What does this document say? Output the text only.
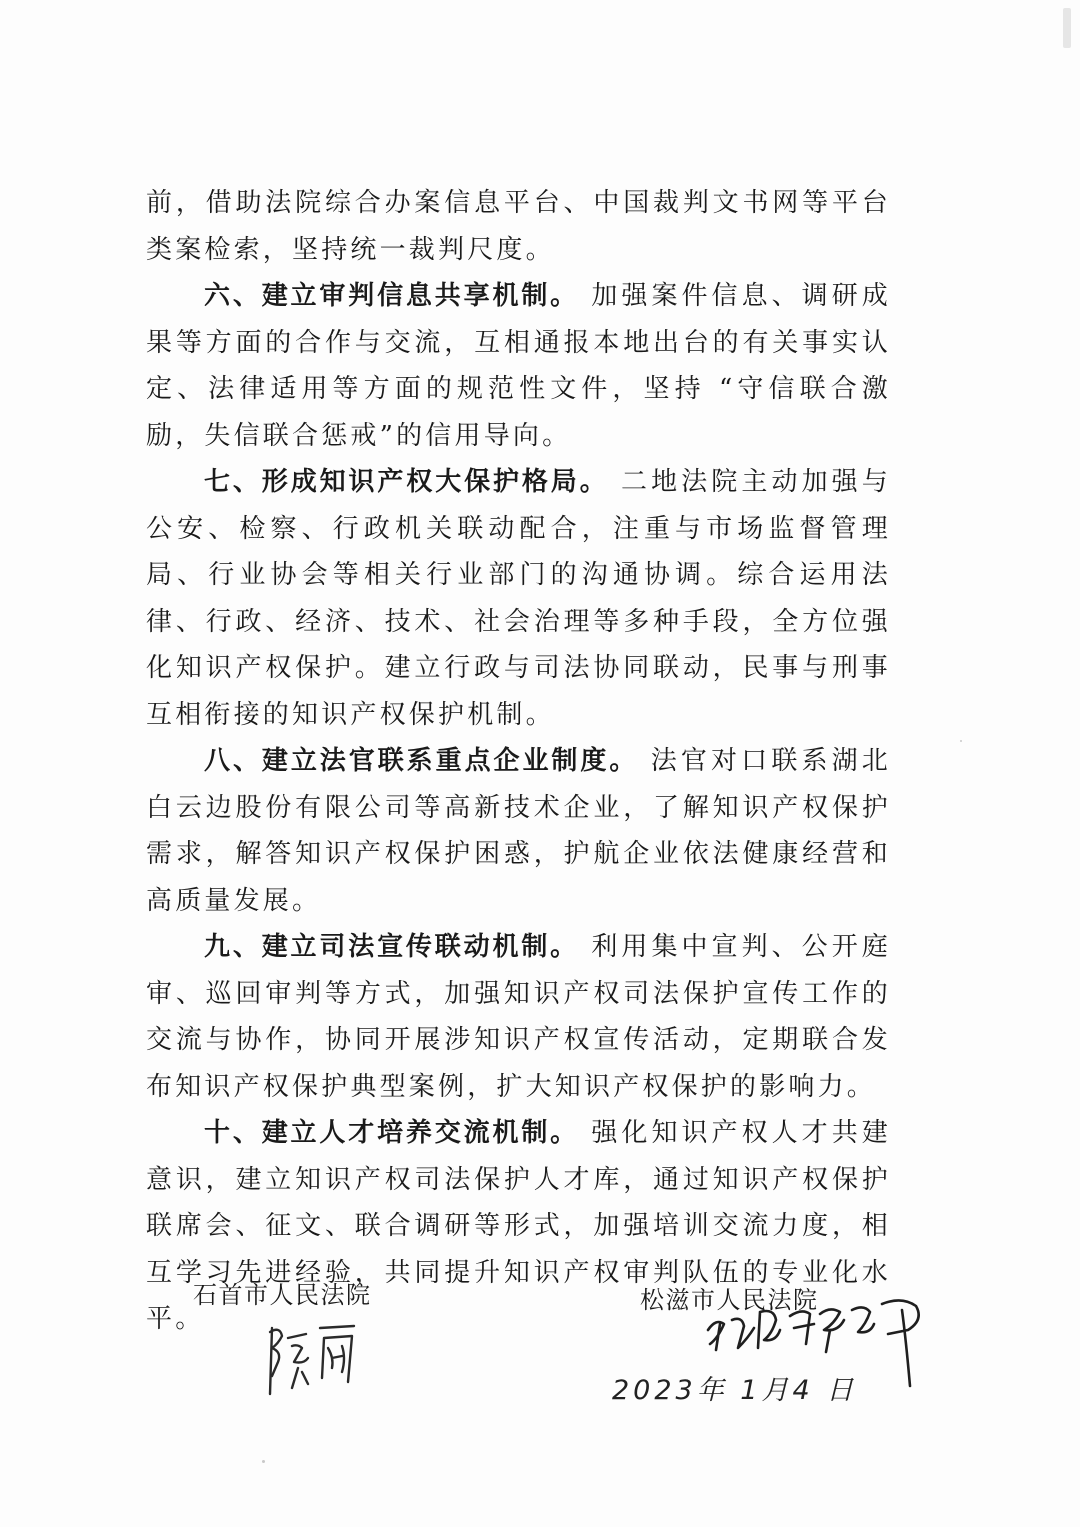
前，借助法院综合办案信息平台、中国裁判文书网等平台类案检索，坚持统一裁判尺度。

六、建立审判信息共享机制。 加强案件信息、调研成果等方面的合作与交流，互相通报本地出台的有关事实认定、法律适用等方面的规范性文件，坚持 “守信联合激励，失信联合惩戒”的信用导向。

七、形成知识产权大保护格局。 二地法院主动加强与公安、检察、行政机关联动配合，注重与市场监督管理局、行业协会等相关行业部门的沟通协调。综合运用法律、行政、经济、技术、社会治理等多种手段，全方位强化知识产权保护。建立行政与司法协同联动，民事与刑事互相衔接的知识产权保护机制。

八、建立法官联系重点企业制度。 法官对口联系湖北白云边股份有限公司等高新技术企业，了解知识产权保护需求，解答知识产权保护困惑，护航企业依法健康经营和高质量发展。

九、建立司法宣传联动机制。 利用集中宣判、公开庭审、巡回审判等方式，加强知识产权司法保护宣传工作的交流与协作，协同开展涉知识产权宣传活动，定期联合发布知识产权保护典型案例，扩大知识产权保护的影响力。

十、建立人才培养交流机制。 强化知识产权人才共建意识，建立知识产权司法保护人才库，通过知识产权保护联席会、征文、联合调研等形式，加强培训交流力度，相互学习先进经验，共同提升知识产权审判队伍的专业化水平。

石首市人民法院	松滋市人民法院
2023年 1月4 日
